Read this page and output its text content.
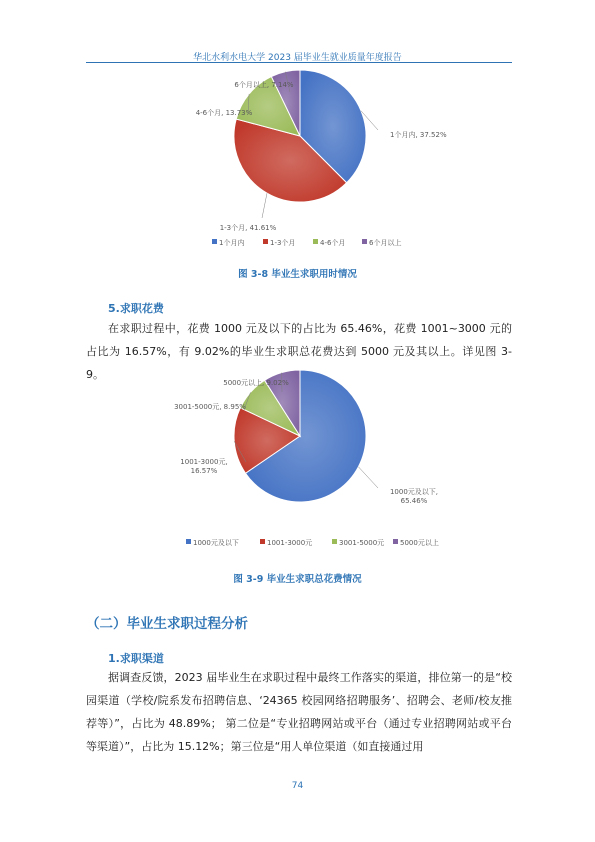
华北水利水电大学 2023 届毕业生就业质量年度报告
1个月内, 37.52%
1-3个月, 41.61%
4-6个月, 13.73%
6个月以上, 7.14%
1个月内	1-3个月	4-6个月	6个月以上
图 3-8 毕业生求职用时情况
5.求职花费
在求职过程中，花费 1000 元及以下的占比为 65.46%，花费 1001~3000 元的占比为 16.57%，有 9.02%的毕业生求职总花费达到 5000 元及其以上。详见图 3-9。
1000元及以下,
65.46%
1001-3000元,
16.57%
3001-5000元, 8.95%
5000元以上, 9.02%
1000元及以下	1001-3000元	3001-5000元 5000元以上
图 3-9 毕业生求职总花费情况
（二）毕业生求职过程分析
1.求职渠道
据调查反馈，2023 届毕业生在求职过程中最终工作落实的渠道，排位第一的是“校园渠道（学校/院系发布招聘信息、‘24365 校园网络招聘服务’、招聘会、老师/校友推荐等）”，占比为 48.89%； 第二位是“专业招聘网站或平台（通过专业招聘网站或平台等渠道）”，占比为 15.12%；第三位是“用人单位渠道（如直接通过用
74
